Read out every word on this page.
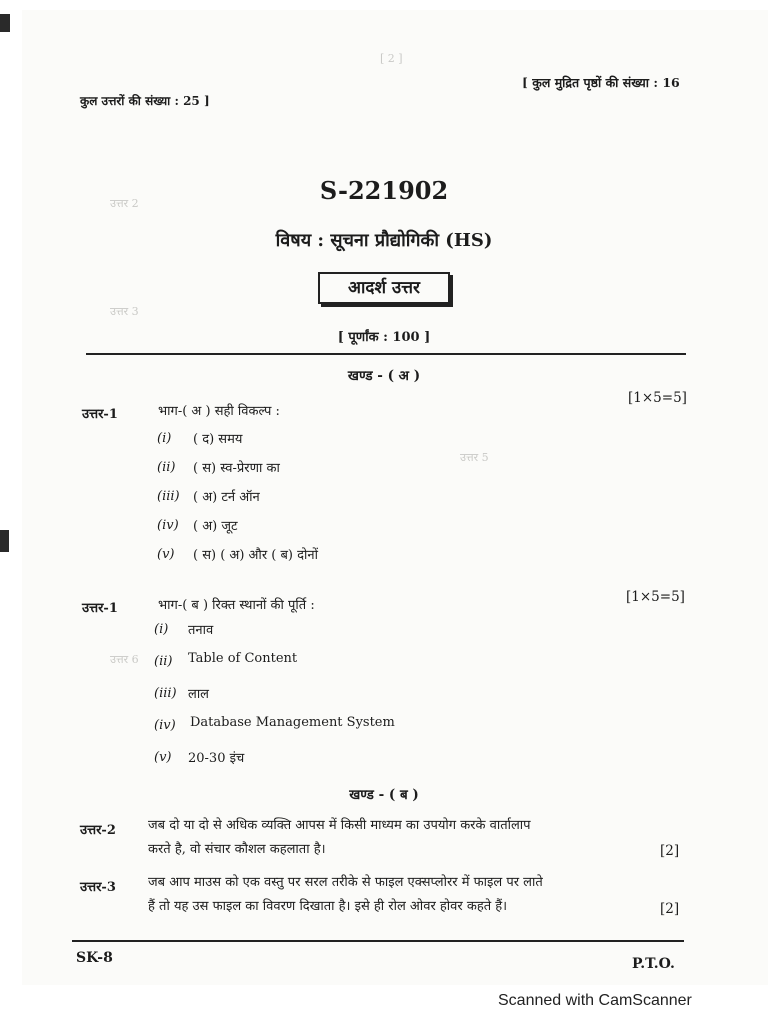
[ 2 ]
उत्तर 2
उत्तर 3
उत्तर 5
उत्तर 6
कुल उत्तरों की संख्या : 25 ]
[ कुल मुद्रित पृष्ठों की संख्या : 16
S-221902
विषय : सूचना प्रौद्योगिकी (HS)
आदर्श उत्तर
[ पूर्णांक : 100 ]
खण्ड - ( अ )
उत्तर-1	भाग-( अ ) सही विकल्प :
[1×5=5]
(i) ( द) समय
(ii) ( स) स्व-प्रेरणा का
(iii) ( अ) टर्न ऑन
(iv) ( अ) जूट
(v) ( स) ( अ) और ( ब) दोनों
उत्तर-1	भाग-( ब ) रिक्त स्थानों की पूर्ति :
[1×5=5]
(i) तनाव
(ii) Table of Content
(iii) लाल
(iv) Database Management System
(v) 20-30 इंच
खण्ड - ( ब )
उत्तर-2 जब दो या दो से अधिक व्यक्ति आपस में किसी माध्यम का उपयोग करके वार्तालाप
करते है, वो संचार कौशल कहलाता है।	[2]
उत्तर-3 जब आप माउस को एक वस्तु पर सरल तरीके से फाइल एक्सप्लोरर में फाइल पर लाते
हैं तो यह उस फाइल का विवरण दिखाता है। इसे ही रोल ओवर होवर कहते हैं।	[2]
SK-8	P.T.O.
Scanned with CamScanner
